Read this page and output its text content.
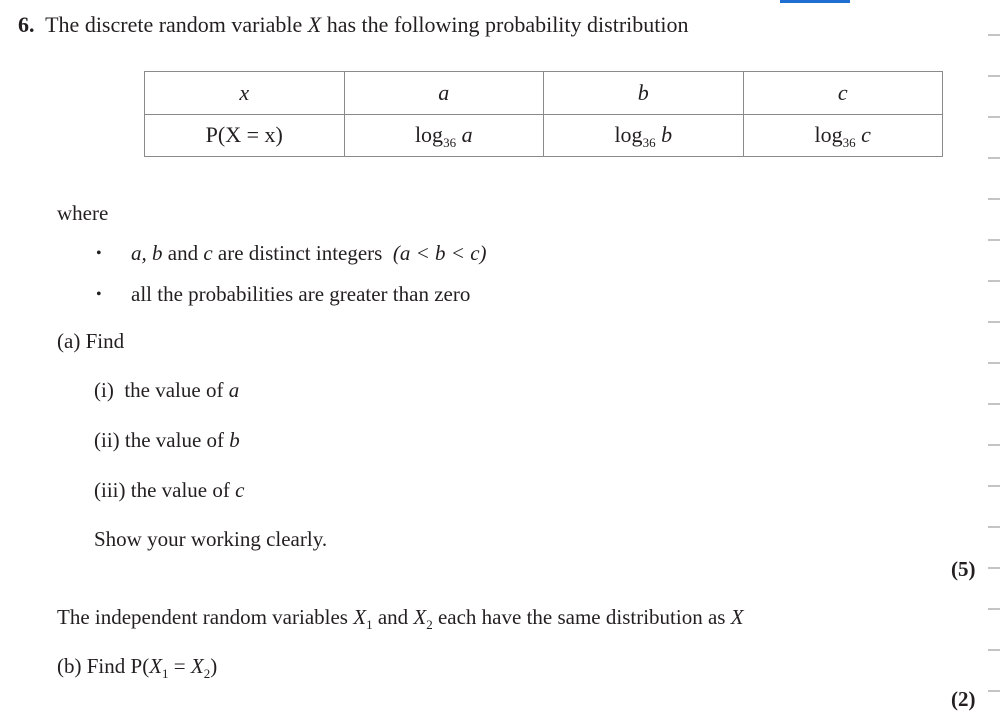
6. The discrete random variable X has the following probability distribution
x	a	b	c
P(X = x)	$\log_{36} a$	$\log_{36} b$	$\log_{36} c$
where
• a, b and c are distinct integers (a < b < c)
• all the probabilities are greater than zero
(a) Find
(i) the value of a
(ii) the value of b
(iii) the value of c
Show your working clearly.
(5)
The independent random variables $X_1$ and $X_2$ each have the same distribution as X
(b) Find $P(X_1 = X_2)$
(2)
